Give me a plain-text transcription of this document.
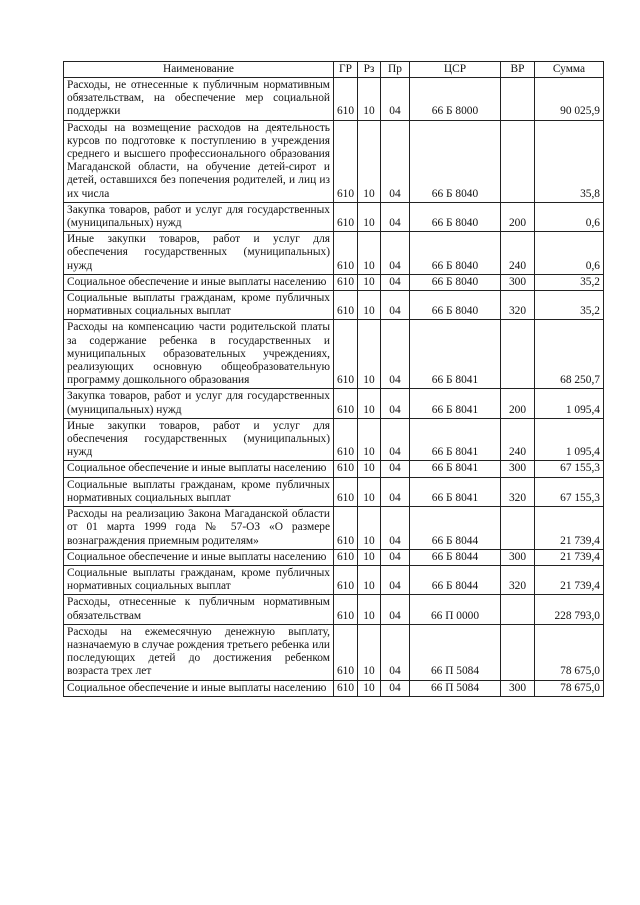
Наименование	ГР	Рз	Пр	ЦСР	ВР	Сумма
Расходы, не отнесенные к публичным нормативным обязательствам, на обеспечение мер социальной поддержки	610	10	04	66 Б 8000		90 025,9
Расходы на возмещение расходов на деятельность курсов по подготовке к поступлению в учреждения среднего и высшего профессионального образования Магаданской области, на обучение детей-сирот и детей, оставшихся без попечения родителей, и лиц из их числа	610	10	04	66 Б 8040		35,8
Закупка товаров, работ и услуг для государственных (муниципальных) нужд	610	10	04	66 Б 8040	200	0,6
Иные закупки товаров, работ и услуг для обеспечения государственных (муниципальных) нужд	610	10	04	66 Б 8040	240	0,6
Социальное обеспечение и иные выплаты населению	610	10	04	66 Б 8040	300	35,2
Социальные выплаты гражданам, кроме публичных нормативных социальных выплат	610	10	04	66 Б 8040	320	35,2
Расходы на компенсацию части родительской платы за содержание ребенка в государственных и муниципальных образовательных учреждениях, реализующих основную общеобразовательную программу дошкольного образования	610	10	04	66 Б 8041		68 250,7
Закупка товаров, работ и услуг для государственных (муниципальных) нужд	610	10	04	66 Б 8041	200	1 095,4
Иные закупки товаров, работ и услуг для обеспечения государственных (муниципальных) нужд	610	10	04	66 Б 8041	240	1 095,4
Социальное обеспечение и иные выплаты населению	610	10	04	66 Б 8041	300	67 155,3
Социальные выплаты гражданам, кроме публичных нормативных социальных выплат	610	10	04	66 Б 8041	320	67 155,3
Расходы на реализацию Закона Магаданской области от 01 марта 1999 года № 57-ОЗ «О размере вознаграждения приемным родителям»	610	10	04	66 Б 8044		21 739,4
Социальное обеспечение и иные выплаты населению	610	10	04	66 Б 8044	300	21 739,4
Социальные выплаты гражданам, кроме публичных нормативных социальных выплат	610	10	04	66 Б 8044	320	21 739,4
Расходы, отнесенные к публичным нормативным обязательствам	610	10	04	66 П 0000		228 793,0
Расходы на ежемесячную денежную выплату, назначаемую в случае рождения третьего ребенка или последующих детей до достижения ребенком возраста трех лет	610	10	04	66 П 5084		78 675,0
Социальное обеспечение и иные выплаты населению	610	10	04	66 П 5084	300	78 675,0
